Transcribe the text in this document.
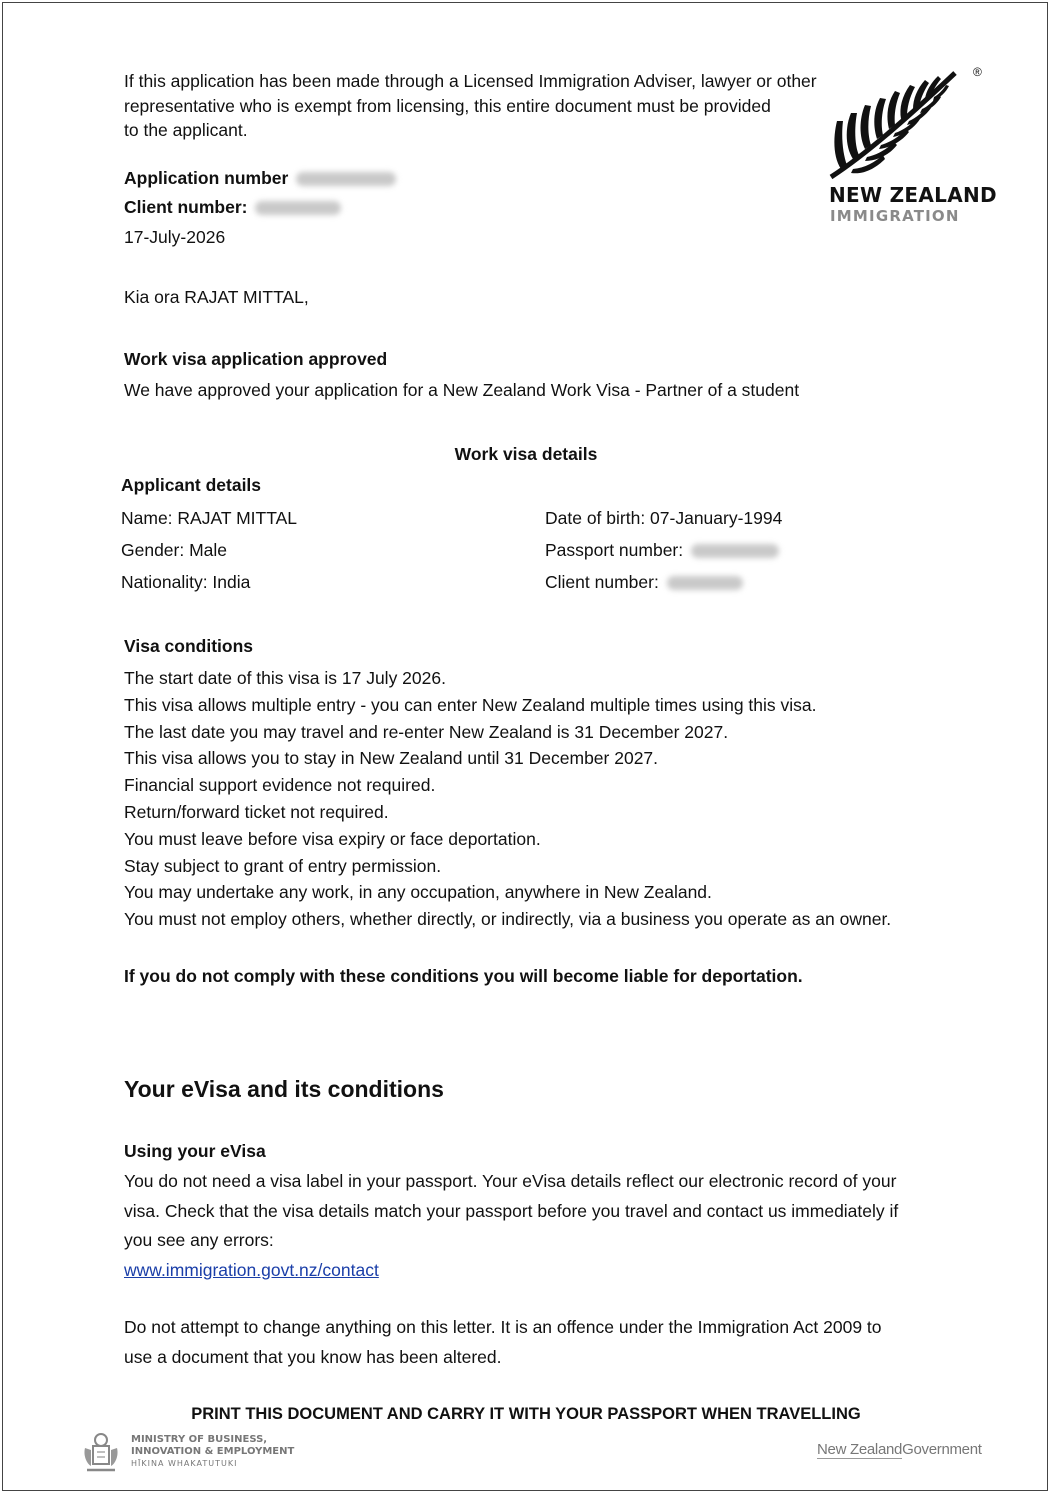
If this application has been made through a Licensed Immigration Adviser, lawyer or other
representative who is exempt from licensing, this entire document must be provided
to the applicant.
®
NEW ZEALAND
IMMIGRATION
Application number
Client number:
17-July-2026
Kia ora RAJAT MITTAL,
Work visa application approved
We have approved your application for a New Zealand Work Visa - Partner of a student
Work visa details
Applicant details
Name: RAJAT MITTAL
Gender: Male
Nationality: India
Date of birth: 07-January-1994
Passport number:
Client number:
Visa conditions
The start date of this visa is 17 July 2026.
This visa allows multiple entry - you can enter New Zealand multiple times using this visa.
The last date you may travel and re-enter New Zealand is 31 December 2027.
This visa allows you to stay in New Zealand until 31 December 2027.
Financial support evidence not required.
Return/forward ticket not required.
You must leave before visa expiry or face deportation.
Stay subject to grant of entry permission.
You may undertake any work, in any occupation, anywhere in New Zealand.
You must not employ others, whether directly, or indirectly, via a business you operate as an owner.
If you do not comply with these conditions you will become liable for deportation.
Your eVisa and its conditions
Using your eVisa
You do not need a visa label in your passport. Your eVisa details reflect our electronic record of your
visa. Check that the visa details match your passport before you travel and contact us immediately if
you see any errors:
www.immigration.govt.nz/contact
Do not attempt to change anything on this letter. It is an offence under the Immigration Act 2009 to
use a document that you know has been altered.
PRINT THIS DOCUMENT AND CARRY IT WITH YOUR PASSPORT WHEN TRAVELLING
MINISTRY OF BUSINESS,
INNOVATION & EMPLOYMENT
HĪKINA WHAKATUTUKI
New ZealandGovernment
